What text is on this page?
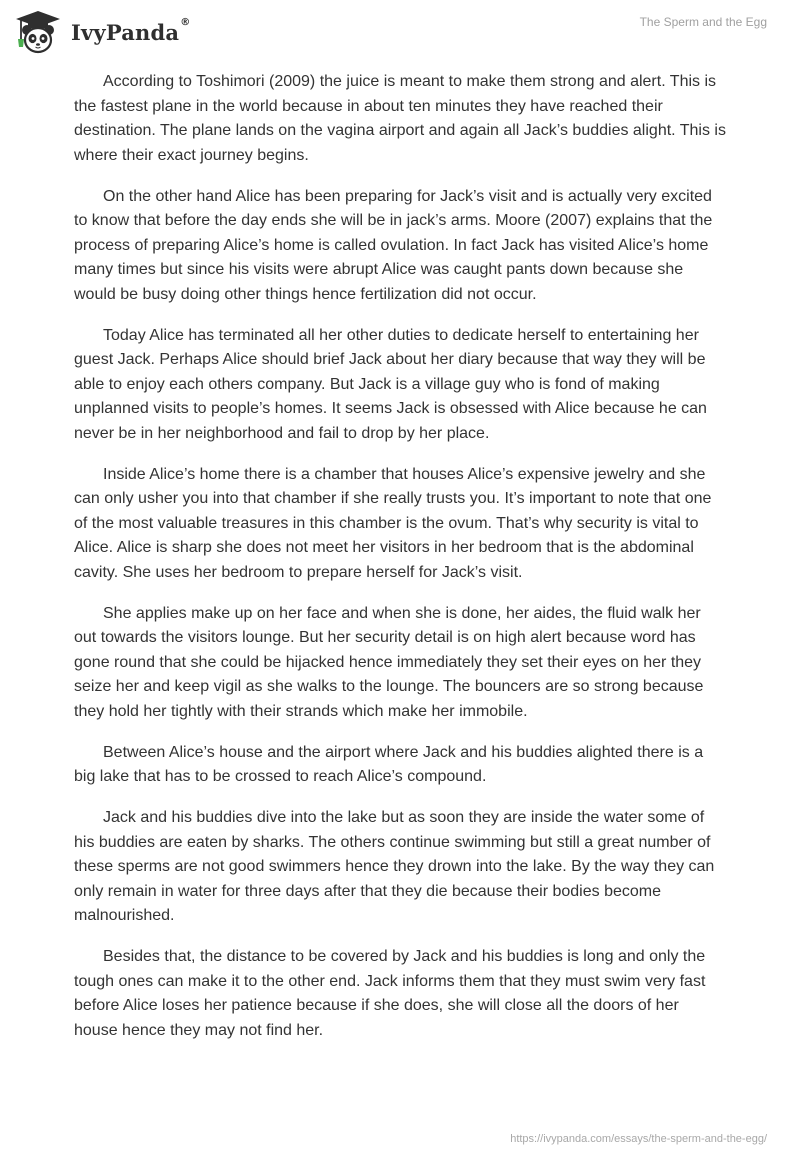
IvyPanda®	The Sperm and the Egg

According to Toshimori (2009) the juice is meant to make them strong and alert. This is the fastest plane in the world because in about ten minutes they have reached their destination. The plane lands on the vagina airport and again all Jack’s buddies alight. This is where their exact journey begins.

On the other hand Alice has been preparing for Jack’s visit and is actually very excited to know that before the day ends she will be in jack’s arms. Moore (2007) explains that the process of preparing Alice’s home is called ovulation. In fact Jack has visited Alice’s home many times but since his visits were abrupt Alice was caught pants down because she would be busy doing other things hence fertilization did not occur.

Today Alice has terminated all her other duties to dedicate herself to entertaining her guest Jack. Perhaps Alice should brief Jack about her diary because that way they will be able to enjoy each others company. But Jack is a village guy who is fond of making unplanned visits to people’s homes. It seems Jack is obsessed with Alice because he can never be in her neighborhood and fail to drop by her place.

Inside Alice’s home there is a chamber that houses Alice’s expensive jewelry and she can only usher you into that chamber if she really trusts you. It’s important to note that one of the most valuable treasures in this chamber is the ovum. That’s why security is vital to Alice. Alice is sharp she does not meet her visitors in her bedroom that is the abdominal cavity. She uses her bedroom to prepare herself for Jack’s visit.

She applies make up on her face and when she is done, her aides, the fluid walk her out towards the visitors lounge. But her security detail is on high alert because word has gone round that she could be hijacked hence immediately they set their eyes on her they seize her and keep vigil as she walks to the lounge. The bouncers are so strong because they hold her tightly with their strands which make her immobile.

Between Alice’s house and the airport where Jack and his buddies alighted there is a big lake that has to be crossed to reach Alice’s compound.

Jack and his buddies dive into the lake but as soon they are inside the water some of his buddies are eaten by sharks. The others continue swimming but still a great number of these sperms are not good swimmers hence they drown into the lake. By the way they can only remain in water for three days after that they die because their bodies become malnourished.

Besides that, the distance to be covered by Jack and his buddies is long and only the tough ones can make it to the other end. Jack informs them that they must swim very fast before Alice loses her patience because if she does, she will close all the doors of her house hence they may not find her.

https://ivypanda.com/essays/the-sperm-and-the-egg/
